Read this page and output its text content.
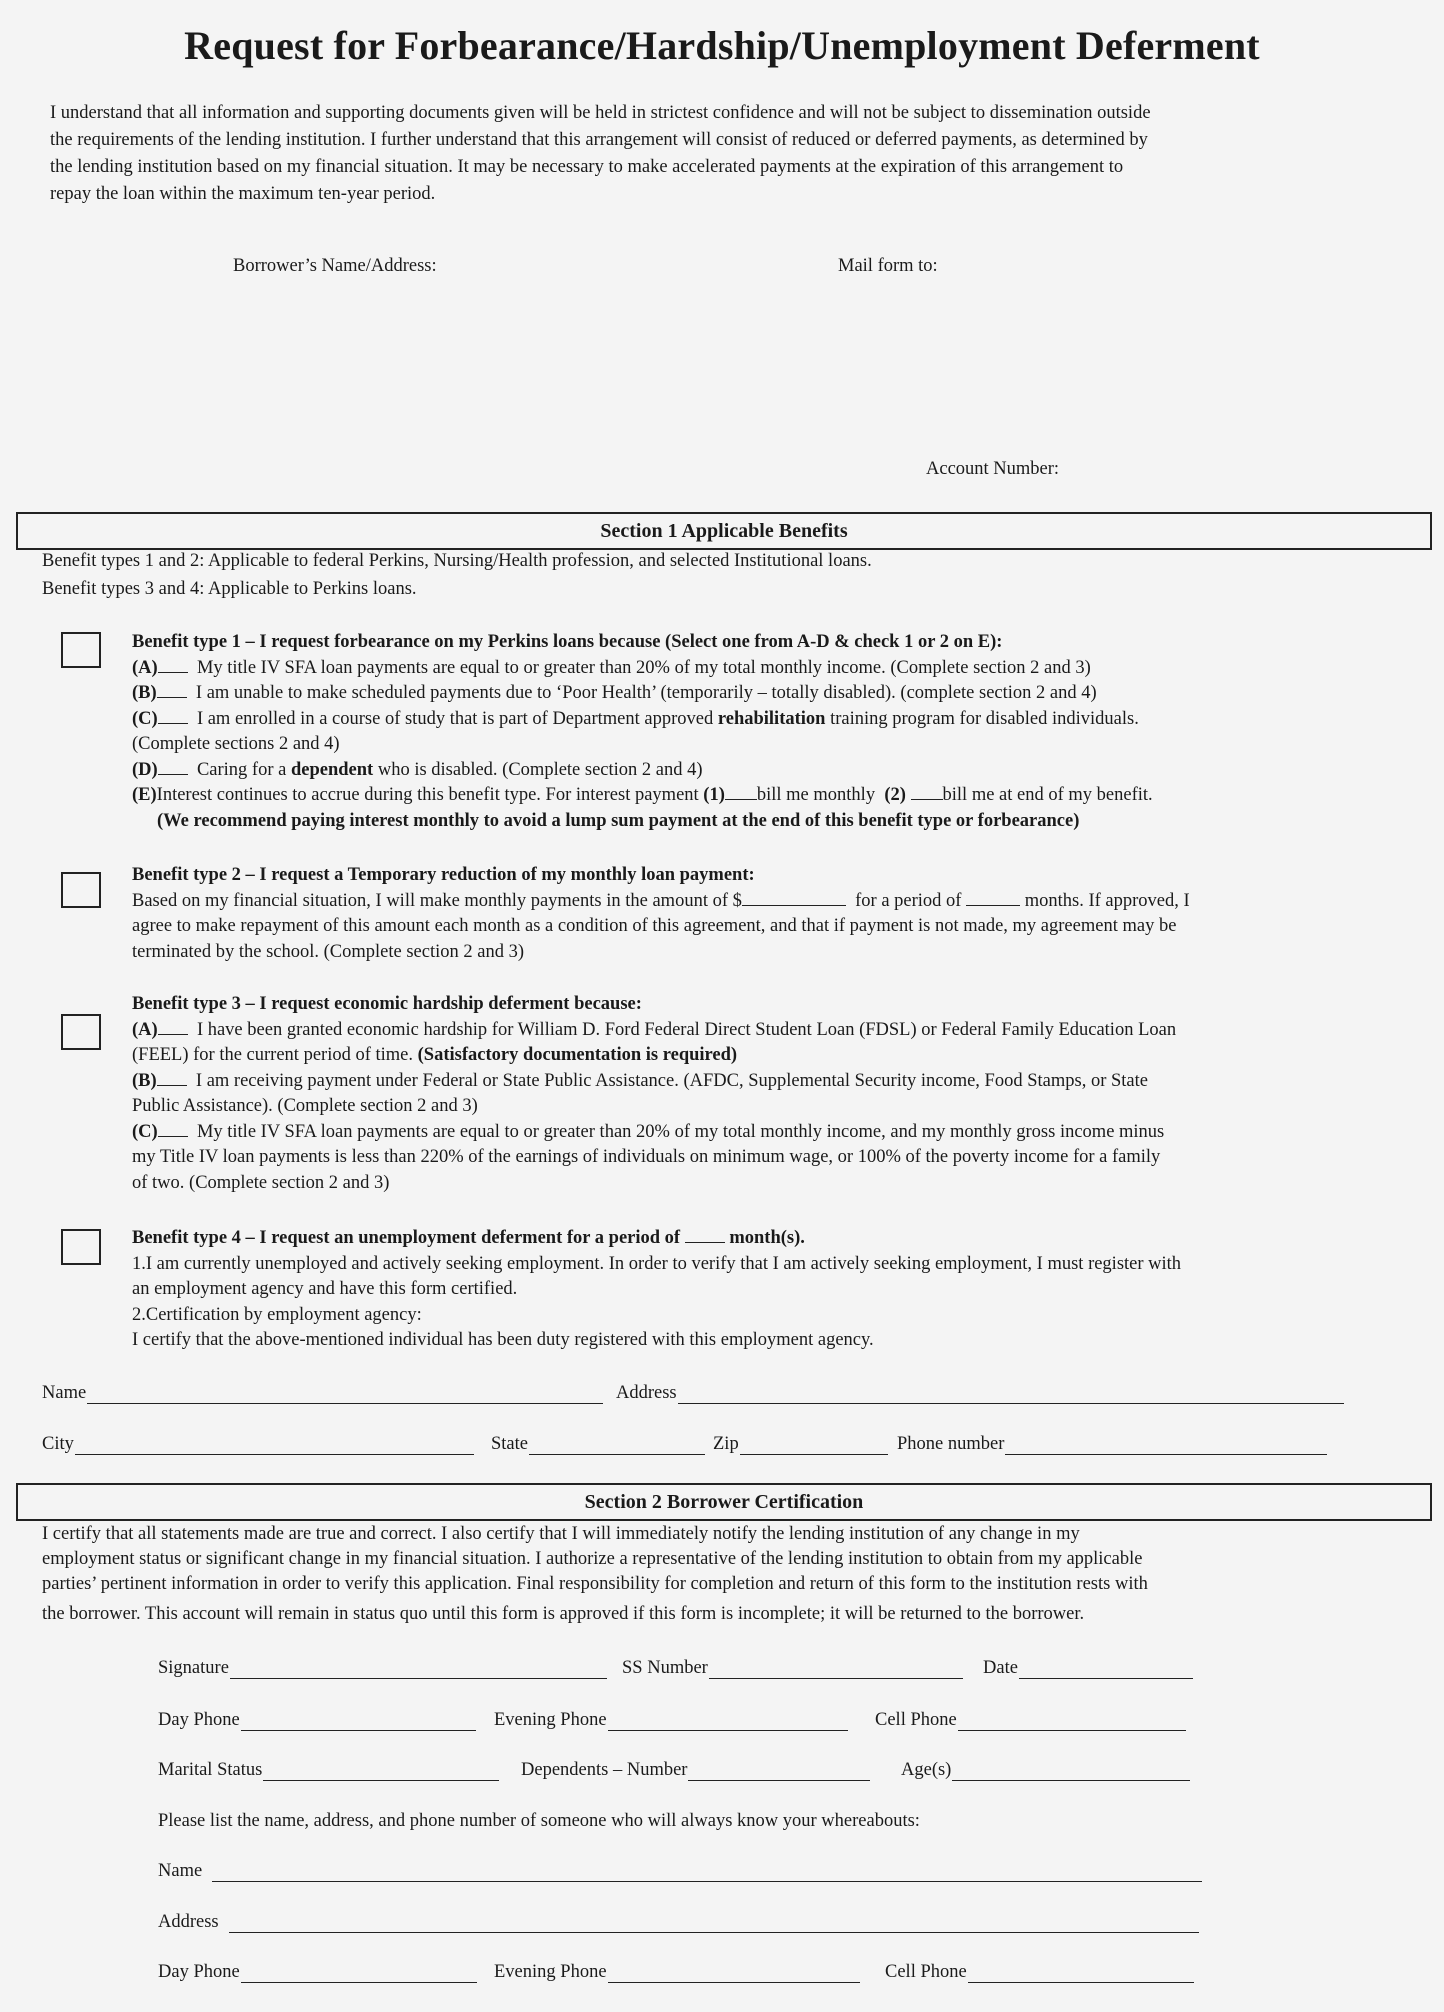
Request for Forbearance/Hardship/Unemployment Deferment
I understand that all information and supporting documents given will be held in strictest confidence and will not be subject to dissemination outside
the requirements of the lending institution. I further understand that this arrangement will consist of reduced or deferred payments, as determined by
the lending institution based on my financial situation. It may be necessary to make accelerated payments at the expiration of this arrangement to
repay the loan within the maximum ten-year period.
Borrower’s Name/Address:	Mail form to:
Account Number:
Section 1 Applicable Benefits
Benefit types 1 and 2: Applicable to federal Perkins, Nursing/Health profession, and selected Institutional loans.
Benefit types 3 and 4: Applicable to Perkins loans.
Benefit type 1 – I request forbearance on my Perkins loans because (Select one from A-D & check 1 or 2 on E):
(A) My title IV SFA loan payments are equal to or greater than 20% of my total monthly income. (Complete section 2 and 3)
(B) I am unable to make scheduled payments due to ‘Poor Health’ (temporarily – totally disabled). (complete section 2 and 4)
(C) I am enrolled in a course of study that is part of Department approved rehabilitation training program for disabled individuals.
(Complete sections 2 and 4)
(D) Caring for a dependent who is disabled. (Complete section 2 and 4)
(E)Interest continues to accrue during this benefit type. For interest payment (1) bill me monthly  (2) bill me at end of my benefit.
(We recommend paying interest monthly to avoid a lump sum payment at the end of this benefit type or forbearance)
Benefit type 2 – I request a Temporary reduction of my monthly loan payment:
Based on my financial situation, I will make monthly payments in the amount of $	for a period of	months. If approved, I
agree to make repayment of this amount each month as a condition of this agreement, and that if payment is not made, my agreement may be
terminated by the school. (Complete section 2 and 3)
Benefit type 3 – I request economic hardship deferment because:
(A) I have been granted economic hardship for William D. Ford Federal Direct Student Loan (FDSL) or Federal Family Education Loan
(FEEL) for the current period of time. (Satisfactory documentation is required)
(B) I am receiving payment under Federal or State Public Assistance. (AFDC, Supplemental Security income, Food Stamps, or State
Public Assistance). (Complete section 2 and 3)
(C) My title IV SFA loan payments are equal to or greater than 20% of my total monthly income, and my monthly gross income minus
my Title IV loan payments is less than 220% of the earnings of individuals on minimum wage, or 100% of the poverty income for a family
of two. (Complete section 2 and 3)
Benefit type 4 – I request an unemployment deferment for a period of  month(s).
1.I am currently unemployed and actively seeking employment. In order to verify that I am actively seeking employment, I must register with
an employment agency and have this form certified.
2.Certification by employment agency:
I certify that the above-mentioned individual has been duty registered with this employment agency.
Name	Address
City	State	Zip	Phone number
Section 2 Borrower Certification
I certify that all statements made are true and correct. I also certify that I will immediately notify the lending institution of any change in my
employment status or significant change in my financial situation. I authorize a representative of the lending institution to obtain from my applicable
parties’ pertinent information in order to verify this application. Final responsibility for completion and return of this form to the institution rests with
the borrower. This account will remain in status quo until this form is approved if this form is incomplete; it will be returned to the borrower.
Signature	SS Number	Date
Day Phone	Evening Phone	Cell Phone
Marital Status	Dependents – Number	Age(s)
Please list the name, address, and phone number of someone who will always know your whereabouts:
Name
Address
Day Phone	Evening Phone	Cell Phone
